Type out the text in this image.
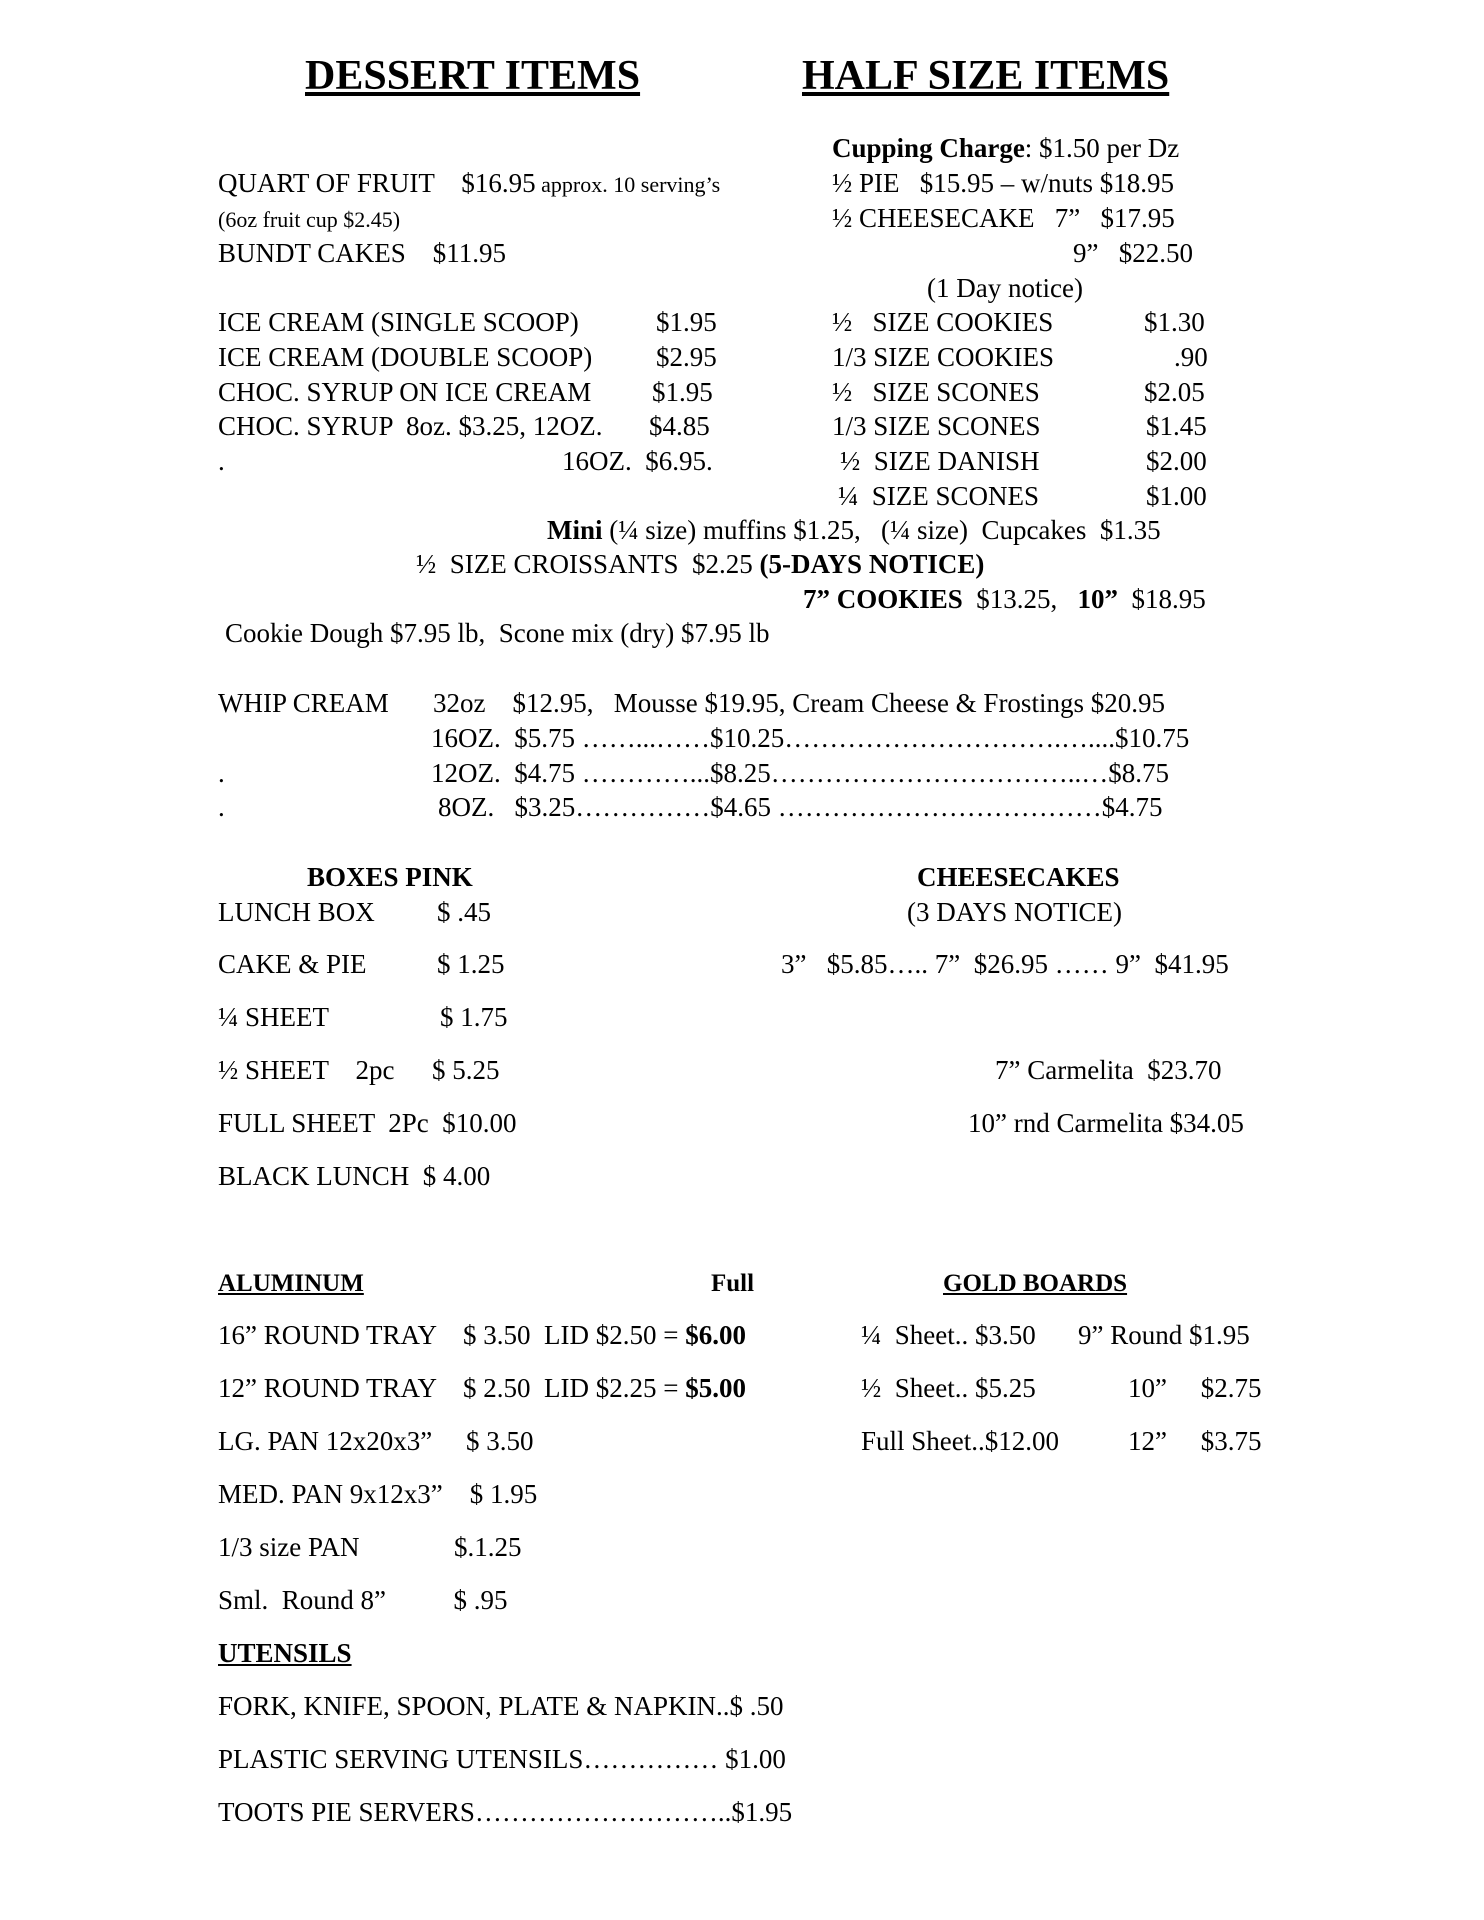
DESSERT ITEMS	HALF SIZE ITEMS
Cupping Charge: $1.50 per Dz
½ PIE   $15.95 – w/nuts $18.95
½ CHEESECAKE   7”   $17.95
9”   $22.50
(1 Day notice)
½   SIZE COOKIES	$1.30
1/3 SIZE COOKIES	.90
½   SIZE SCONES	$2.05
1/3 SIZE SCONES	$1.45
½  SIZE DANISH	$2.00
¼  SIZE SCONES	$1.00
QUART OF FRUIT    $16.95 approx. 10 serving’s
(6oz fruit cup $2.45)
BUNDT CAKES    $11.95
ICE CREAM (SINGLE SCOOP)	$1.95
ICE CREAM (DOUBLE SCOOP) $2.95
CHOC. SYRUP ON ICE CREAM $1.95
CHOC. SYRUP  8oz. $3.25, 12OZ. $4.85
.	16OZ.  $6.95.
Mini (¼ size) muffins $1.25,   (¼ size)  Cupcakes  $1.35
½  SIZE CROISSANTS  $2.25 (5-DAYS NOTICE)
7” COOKIES  $13.25,   10”  $18.95
Cookie Dough $7.95 lb,  Scone mix (dry) $7.95 lb
WHIP CREAM 32oz    $12.95,   Mousse $19.95, Cream Cheese & Frostings $20.95
16OZ.  $5.75 ……...……$10.25………………………….…....$10.75
.	12OZ.  $4.75 …………...$8.25……………………………..…$8.75
.	8OZ.   $3.25……………$4.65 ………………………………$4.75
BOXES PINK
LUNCH BOX $ .45
CAKE & PIE	$ 1.25
¼ SHEET	$ 1.75
½ SHEET    2pc $ 5.25
FULL SHEET  2Pc  $10.00
BLACK LUNCH  $ 4.00
CHEESECAKES
(3 DAYS NOTICE)
3”   $5.85….. 7”  $26.95 …… 9”  $41.95
7” Carmelita  $23.70
10” rnd Carmelita $34.05
ALUMINUM	Full
16” ROUND TRAY    $ 3.50  LID $2.50 = $6.00
12” ROUND TRAY    $ 2.50  LID $2.25 = $5.00
LG. PAN 12x20x3”     $ 3.50
MED. PAN 9x12x3”    $ 1.95
1/3 size PAN              $.1.25
Sml.  Round 8”          $ .95
GOLD BOARDS
¼  Sheet.. $3.50 9” Round $1.95
½  Sheet.. $5.25	10”     $2.75
Full Sheet..$12.00	12”     $3.75
UTENSILS
FORK, KNIFE, SPOON, PLATE & NAPKIN..$ .50
PLASTIC SERVING UTENSILS…………… $1.00
TOOTS PIE SERVERS………………………..$1.95
